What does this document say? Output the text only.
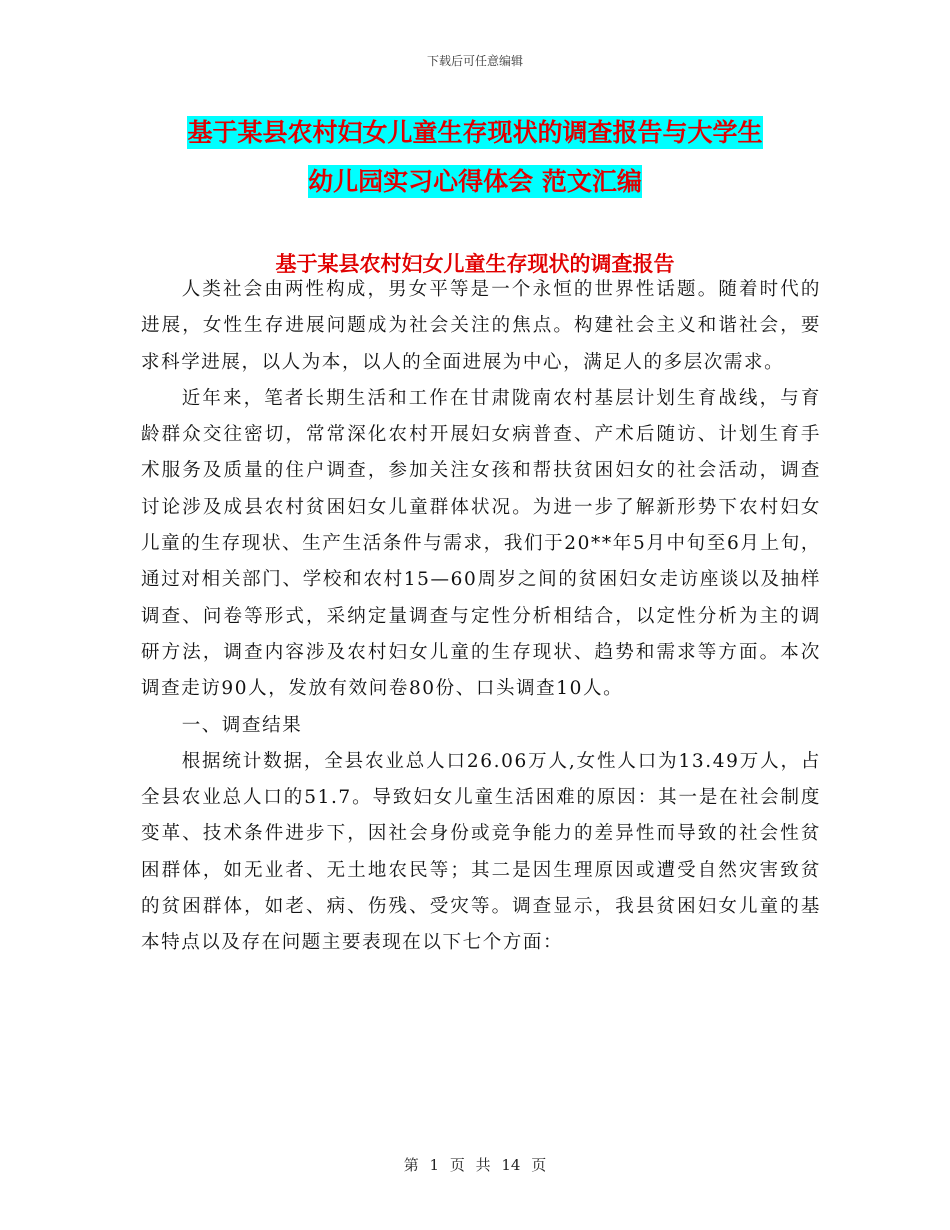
下载后可任意编辑
基于某县农村妇女儿童生存现状的调查报告与大学生
幼儿园实习心得体会 范文汇编
基于某县农村妇女儿童生存现状的调查报告

人类社会由两性构成，男女平等是一个永恒的世界性话题。随着时代的进展，女性生存进展问题成为社会关注的焦点。构建社会主义和谐社会，要求科学进展，以人为本，以人的全面进展为中心，满足人的多层次需求。

近年来，笔者长期生活和工作在甘肃陇南农村基层计划生育战线，与育龄群众交往密切，常常深化农村开展妇女病普查、产术后随访、计划生育手术服务及质量的住户调查，参加关注女孩和帮扶贫困妇女的社会活动，调查讨论涉及成县农村贫困妇女儿童群体状况。为进一步了解新形势下农村妇女儿童的生存现状、生产生活条件与需求，我们于20**年5月中旬至6月上旬，通过对相关部门、学校和农村15—60周岁之间的贫困妇女走访座谈以及抽样调查、问卷等形式，采纳定量调查与定性分析相结合，以定性分析为主的调研方法，调查内容涉及农村妇女儿童的生存现状、趋势和需求等方面。本次调查走访90人，发放有效问卷80份、口头调查10人。

一、调查结果

根据统计数据，全县农业总人口26.06万人,女性人口为13.49万人，占全县农业总人口的51.7。导致妇女儿童生活困难的原因：其一是在社会制度变革、技术条件进步下，因社会身份或竞争能力的差异性而导致的社会性贫困群体，如无业者、无土地农民等；其二是因生理原因或遭受自然灾害致贫的贫困群体，如老、病、伤残、受灾等。调查显示，我县贫困妇女儿童的基本特点以及存在问题主要表现在以下七个方面：

第 1 页 共 14 页
